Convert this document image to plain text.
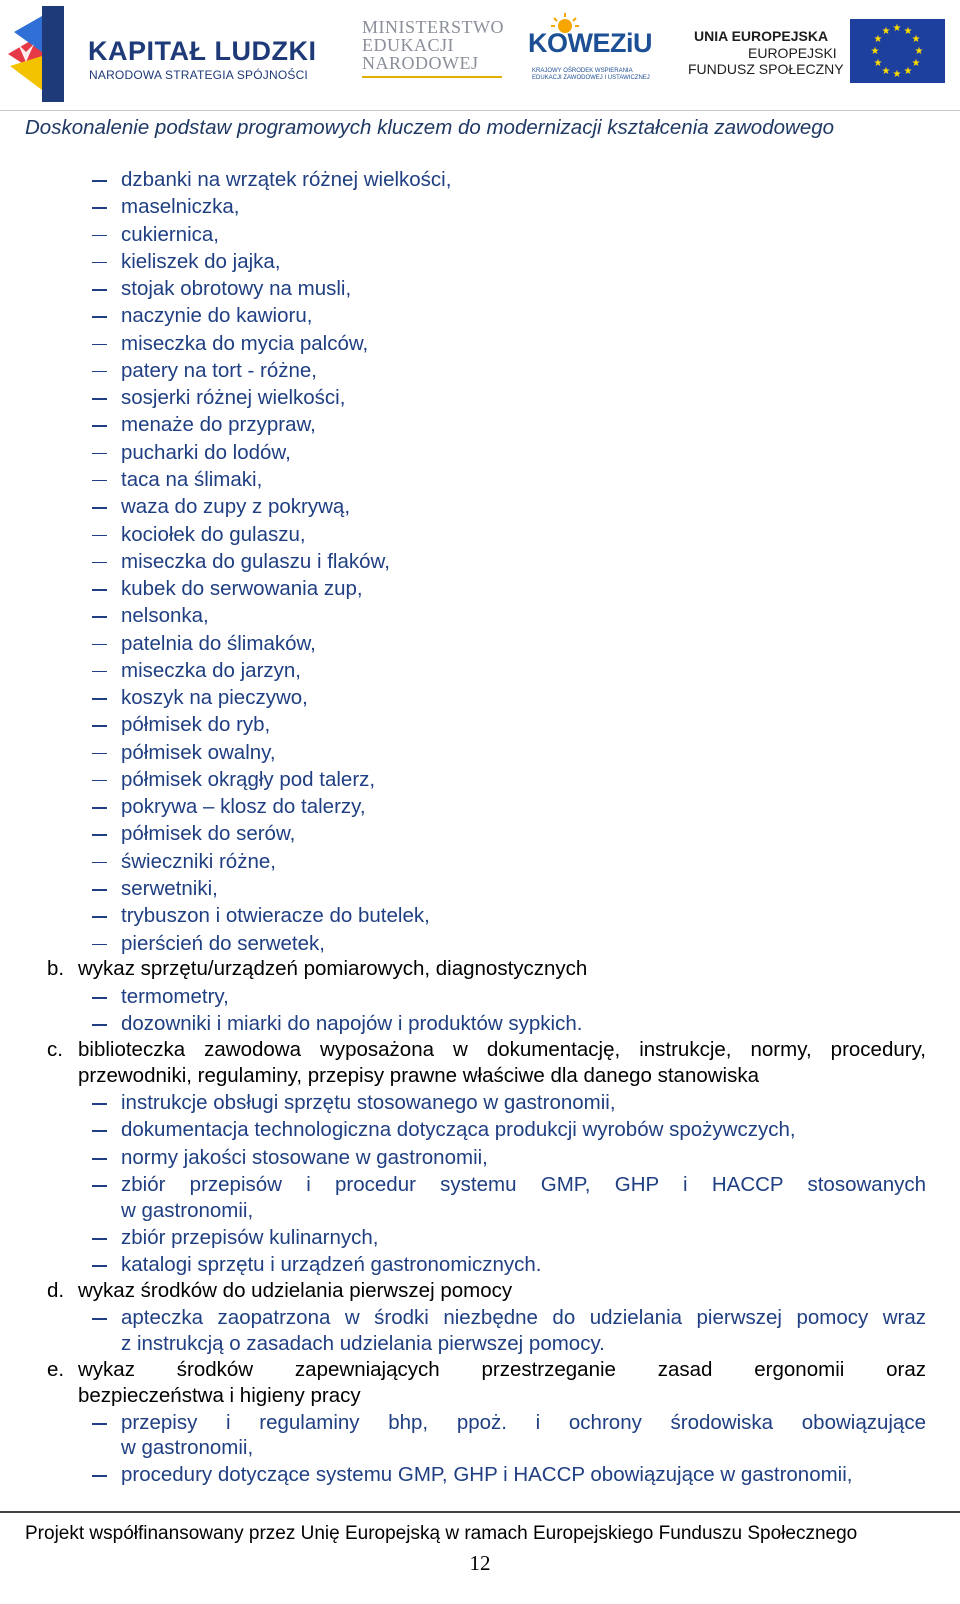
KAPITAŁ LUDZKI
NARODOWA STRATEGIA SPÓJNOŚCI
MINISTERSTWO
EDUKACJI
NARODOWEJ
KOWEZiU
KRAJOWY OŚRODEK WSPIERANIA
EDUKACJI ZAWODOWEJ I USTAWICZNEJ
UNIA EUROPEJSKA
EUROPEJSKI
FUNDUSZ SPOŁECZNY
★ ★
★
★
★
★
★
★
★
★
★
★
Doskonalenie podstaw programowych kluczem do modernizacji kształcenia zawodowego
dzbanki na wrzątek różnej wielkości,
maselniczka,
cukiernica,
kieliszek do jajka,
stojak obrotowy na musli,
naczynie do kawioru,
miseczka do mycia palców,
patery na tort - różne,
sosjerki różnej wielkości,
menaże do przypraw,
pucharki do lodów,
taca na ślimaki,
waza do zupy z pokrywą,
kociołek do gulaszu,
miseczka do gulaszu i flaków,
kubek do serwowania zup,
nelsonka,
patelnia do ślimaków,
miseczka do jarzyn,
koszyk na pieczywo,
półmisek do ryb,
półmisek owalny,
półmisek okrągły pod talerz,
pokrywa – klosz do talerzy,
półmisek do serów,
świeczniki różne,
serwetniki,
trybuszon i otwieracze do butelek,
pierścień do serwetek,
b. wykaz sprzętu/urządzeń pomiarowych, diagnostycznych
termometry,
dozowniki i miarki do napojów i produktów sypkich.
c. biblioteczka zawodowa wyposażona w dokumentację, instrukcje, normy, procedury,
przewodniki, regulaminy, przepisy prawne właściwe dla danego stanowiska
instrukcje obsługi sprzętu stosowanego w gastronomii,
dokumentacja technologiczna dotycząca produkcji wyrobów spożywczych,
normy jakości stosowane w gastronomii,
zbiór przepisów i procedur systemu GMP, GHP i HACCP stosowanych
w gastronomii,
zbiór przepisów kulinarnych,
katalogi sprzętu i urządzeń gastronomicznych.
d. wykaz środków do udzielania pierwszej pomocy
apteczka zaopatrzona w środki niezbędne do udzielania pierwszej pomocy wraz
z instrukcją o zasadach udzielania pierwszej pomocy.
e. wykaz środków zapewniających przestrzeganie zasad ergonomii oraz
bezpieczeństwa i higieny pracy
przepisy i regulaminy bhp, ppoż. i ochrony środowiska obowiązujące
w gastronomii,
procedury dotyczące systemu GMP, GHP i HACCP obowiązujące w gastronomii,
Projekt współfinansowany przez Unię Europejską w ramach Europejskiego Funduszu Społecznego
12
